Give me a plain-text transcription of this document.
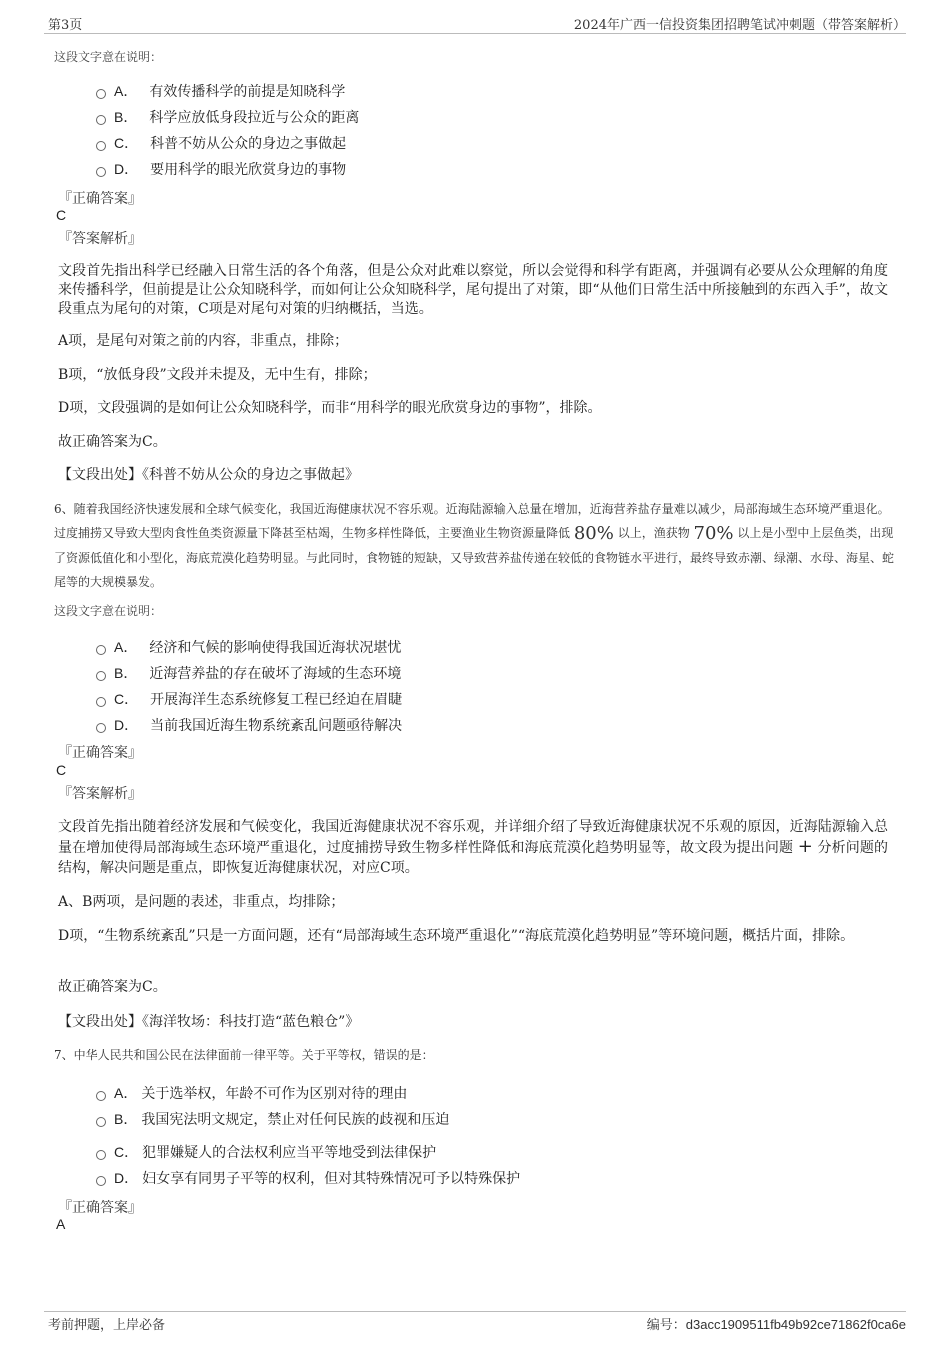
第3页	2024年广西一信投资集团招聘笔试冲刺题（带答案解析）
这段文字意在说明：
A． 有效传播科学的前提是知晓科学
B． 科学应放低身段拉近与公众的距离
C． 科普不妨从公众的身边之事做起
D． 要用科学的眼光欣赏身边的事物
『正确答案』
C
『答案解析』
文段首先指出科学已经融入日常生活的各个角落，但是公众对此难以察觉，所以会觉得和科学有距离，并强调有必要从公众理解的角度来传播科学，但前提是让公众知晓科学，而如何让公众知晓科学，尾句提出了对策，即“从他们日常生活中所接触到的东西入手”，故文段重点为尾句的对策，C项是对尾句对策的归纳概括，当选。
A项，是尾句对策之前的内容，非重点，排除；
B项，“放低身段”文段并未提及，无中生有，排除；
D项，文段强调的是如何让公众知晓科学，而非“用科学的眼光欣赏身边的事物”，排除。
故正确答案为C。
【文段出处】《科普不妨从公众的身边之事做起》
6、随着我国经济快速发展和全球气候变化，我国近海健康状况不容乐观。近海陆源输入总量在增加，近海营养盐存量难以减少，局部海域生态环境严重退化。过度捕捞又导致大型肉食性鱼类资源量下降甚至枯竭，生物多样性降低，主要渔业生物资源量降低 80% 以上，渔获物 70% 以上是小型中上层鱼类，出现了资源低值化和小型化，海底荒漠化趋势明显。与此同时，食物链的短缺，又导致营养盐传递在较低的食物链水平进行，最终导致赤潮、绿潮、水母、海星、蛇尾等的大规模暴发。
这段文字意在说明：
A． 经济和气候的影响使得我国近海状况堪忧
B． 近海营养盐的存在破坏了海域的生态环境
C． 开展海洋生态系统修复工程已经迫在眉睫
D． 当前我国近海生物系统紊乱问题亟待解决
『正确答案』
C
『答案解析』
文段首先指出随着经济发展和气候变化，我国近海健康状况不容乐观，并详细介绍了导致近海健康状况不乐观的原因，近海陆源输入总量在增加使得局部海域生态环境严重退化，过度捕捞导致生物多样性降低和海底荒漠化趋势明显等，故文段为提出问题 + 分析问题的结构，解决问题是重点，即恢复近海健康状况，对应C项。
A、B两项，是问题的表述，非重点，均排除；
D项，“生物系统紊乱”只是一方面问题，还有“局部海域生态环境严重退化”“海底荒漠化趋势明显”等环境问题，概括片面，排除。
故正确答案为C。
【文段出处】《海洋牧场：科技打造“蓝色粮仓”》
7、中华人民共和国公民在法律面前一律平等。关于平等权，错误的是：
A． 关于选举权，年龄不可作为区别对待的理由
B． 我国宪法明文规定，禁止对任何民族的歧视和压迫
C． 犯罪嫌疑人的合法权利应当平等地受到法律保护
D． 妇女享有同男子平等的权利，但对其特殊情况可予以特殊保护
『正确答案』
A
考前押题，上岸必备	编号：d3acc1909511fb49b92ce71862f0ca6e
